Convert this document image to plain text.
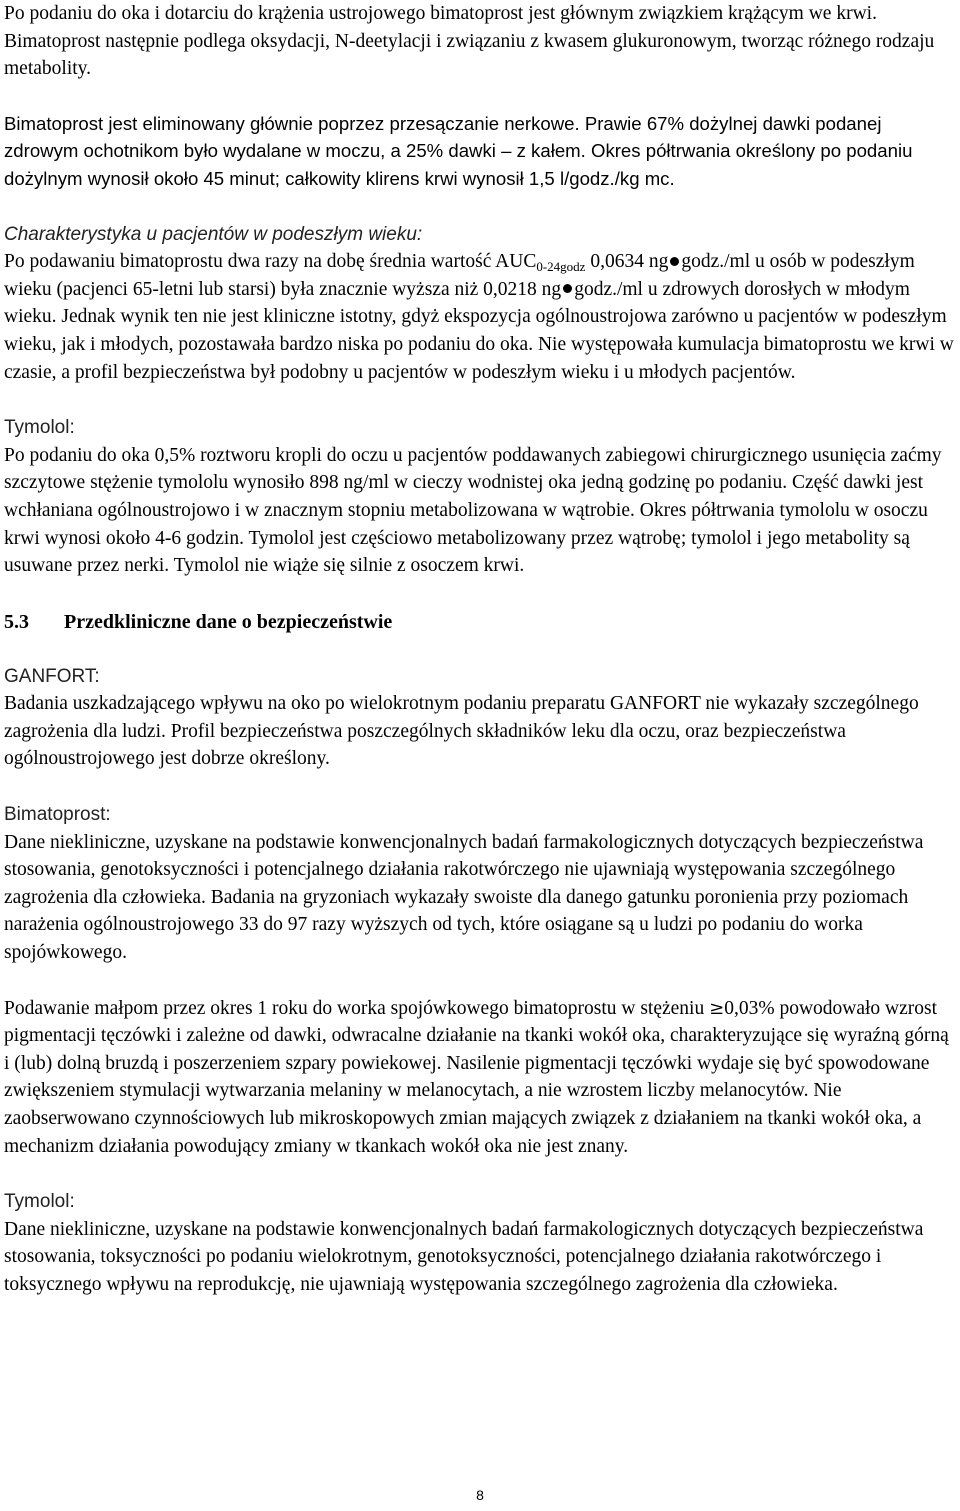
Po podaniu do oka i dotarciu do krążenia ustrojowego bimatoprost jest głównym związkiem krążącym we krwi. Bimatoprost następnie podlega oksydacji, N-deetylacji i związaniu z kwasem glukuronowym, tworząc różnego rodzaju metabolity.

Bimatoprost jest eliminowany głównie poprzez przesączanie nerkowe. Prawie 67% dożylnej dawki podanej zdrowym ochotnikom było wydalane w moczu, a 25% dawki – z kałem. Okres półtrwania określony po podaniu dożylnym wynosił około 45 minut; całkowity klirens krwi wynosił 1,5 l/godz./kg mc.

Charakterystyka u pacjentów w podeszłym wieku:

Po podawaniu bimatoprostu dwa razy na dobę średnia wartość $AUC_{0-24godz}$ 0,0634 ng godz./ml u osób w podeszłym wieku (pacjenci 65-letni lub starsi) była znacznie wyższa niż 0,0218 ng godz./ml u zdrowych dorosłych w młodym wieku. Jednak wynik ten nie jest kliniczne istotny, gdyż ekspozycja ogólnoustrojowa zarówno u pacjentów w podeszłym wieku, jak i młodych, pozostawała bardzo niska po podaniu do oka. Nie występowała kumulacja bimatoprostu we krwi w czasie, a profil bezpieczeństwa był podobny u pacjentów w podeszłym wieku i u młodych pacjentów.

Tymolol:

Po podaniu do oka 0,5% roztworu kropli do oczu u pacjentów poddawanych zabiegowi chirurgicznego usunięcia zaćmy szczytowe stężenie tymololu wynosiło 898 ng/ml w cieczy wodnistej oka jedną godzinę po podaniu. Część dawki jest wchłaniana ogólnoustrojowo i w znacznym stopniu metabolizowana w wątrobie. Okres półtrwania tymololu w osoczu krwi wynosi około 4-6 godzin. Tymolol jest częściowo metabolizowany przez wątrobę; tymolol i jego metabolity są usuwane przez nerki. Tymolol nie wiąże się silnie z osoczem krwi.

5.3	Przedkliniczne dane o bezpieczeństwie
GANFORT:

Badania uszkadzającego wpływu na oko po wielokrotnym podaniu preparatu GANFORT nie wykazały szczególnego zagrożenia dla ludzi. Profil bezpieczeństwa poszczególnych składników leku dla oczu, oraz bezpieczeństwa ogólnoustrojowego jest dobrze określony.

Bimatoprost:

Dane niekliniczne, uzyskane na podstawie konwencjonalnych badań farmakologicznych dotyczących bezpieczeństwa stosowania, genotoksyczności i potencjalnego działania rakotwórczego nie ujawniają występowania szczególnego zagrożenia dla człowieka. Badania na gryzoniach wykazały swoiste dla danego gatunku poronienia przy poziomach narażenia ogólnoustrojowego 33 do 97 razy wyższych od tych, które osiągane są u ludzi po podaniu do worka spojówkowego.

Podawanie małpom przez okres 1 roku do worka spojówkowego bimatoprostu w stężeniu ≥0,03% powodowało wzrost pigmentacji tęczówki i zależne od dawki, odwracalne działanie na tkanki wokół oka, charakteryzujące się wyraźną górną i (lub) dolną bruzdą i poszerzeniem szpary powiekowej. Nasilenie pigmentacji tęczówki wydaje się być spowodowane zwiększeniem stymulacji wytwarzania melaniny w melanocytach, a nie wzrostem liczby melanocytów. Nie zaobserwowano czynnościowych lub mikroskopowych zmian mających związek z działaniem na tkanki wokół oka, a mechanizm działania powodujący zmiany w tkankach wokół oka nie jest znany.

Tymolol:

Dane niekliniczne, uzyskane na podstawie konwencjonalnych badań farmakologicznych dotyczących bezpieczeństwa stosowania, toksyczności po podaniu wielokrotnym, genotoksyczności, potencjalnego działania rakotwórczego i toksycznego wpływu na reprodukcję, nie ujawniają występowania szczególnego zagrożenia dla człowieka.

8
